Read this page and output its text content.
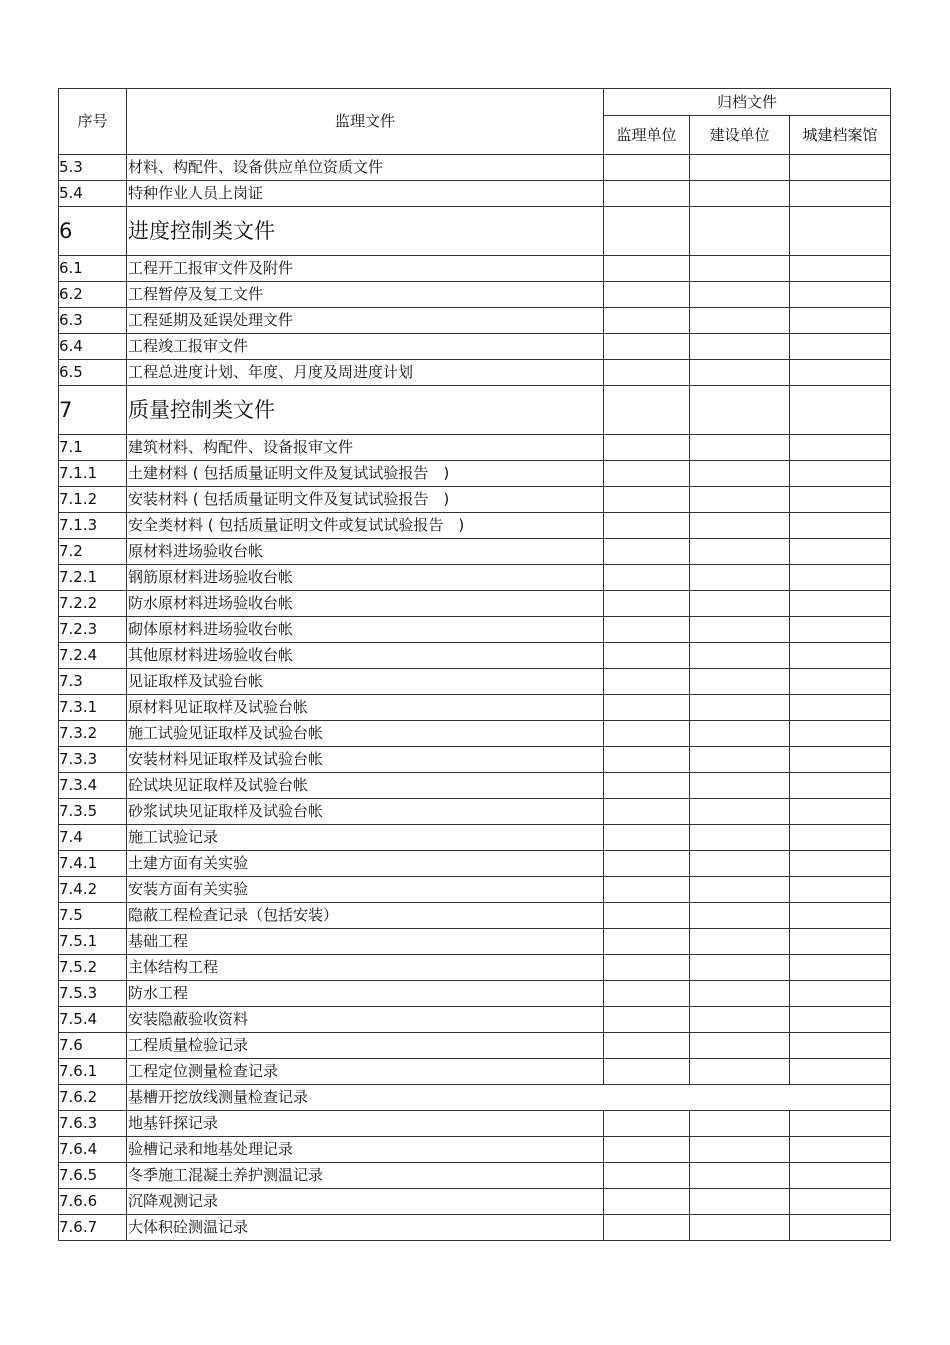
序号	监理文件	归档文件		
		监理单位	建设单位	城建档案馆
5.3	材料、构配件、设备供应单位资质文件			
5.4	特种作业人员上岗证			
6	进度控制类文件			
6.1	工程开工报审文件及附件			
6.2	工程暂停及复工文件			
6.3	工程延期及延误处理文件			
6.4	工程竣工报审文件			
6.5	工程总进度计划、年度、月度及周进度计划			
7	质量控制类文件			
7.1	建筑材料、构配件、设备报审文件			
7.1.1	土建材料 ( 包括质量证明文件及复试试验报告　)			
7.1.2	安装材料 ( 包括质量证明文件及复试试验报告　)			
7.1.3	安全类材料 ( 包括质量证明文件或复试试验报告　)			
7.2	原材料进场验收台帐			
7.2.1	钢筋原材料进场验收台帐			
7.2.2	防水原材料进场验收台帐			
7.2.3	砌体原材料进场验收台帐			
7.2.4	其他原材料进场验收台帐			
7.3	见证取样及试验台帐			
7.3.1	原材料见证取样及试验台帐			
7.3.2	施工试验见证取样及试验台帐			
7.3.3	安装材料见证取样及试验台帐			
7.3.4	砼试块见证取样及试验台帐			
7.3.5	砂浆试块见证取样及试验台帐			
7.4	施工试验记录			
7.4.1	土建方面有关实验			
7.4.2	安装方面有关实验			
7.5	隐蔽工程检查记录（包括安装）			
7.5.1	基础工程			
7.5.2	主体结构工程			
7.5.3	防水工程			
7.5.4	安装隐蔽验收资料			
7.6	工程质量检验记录			
7.6.1	工程定位测量检查记录			
7.6.2	基槽开挖放线测量检查记录			
7.6.3	地基钎探记录			
7.6.4	验槽记录和地基处理记录			
7.6.5	冬季施工混凝土养护测温记录			
7.6.6	沉降观测记录			
7.6.7	大体积砼测温记录			
